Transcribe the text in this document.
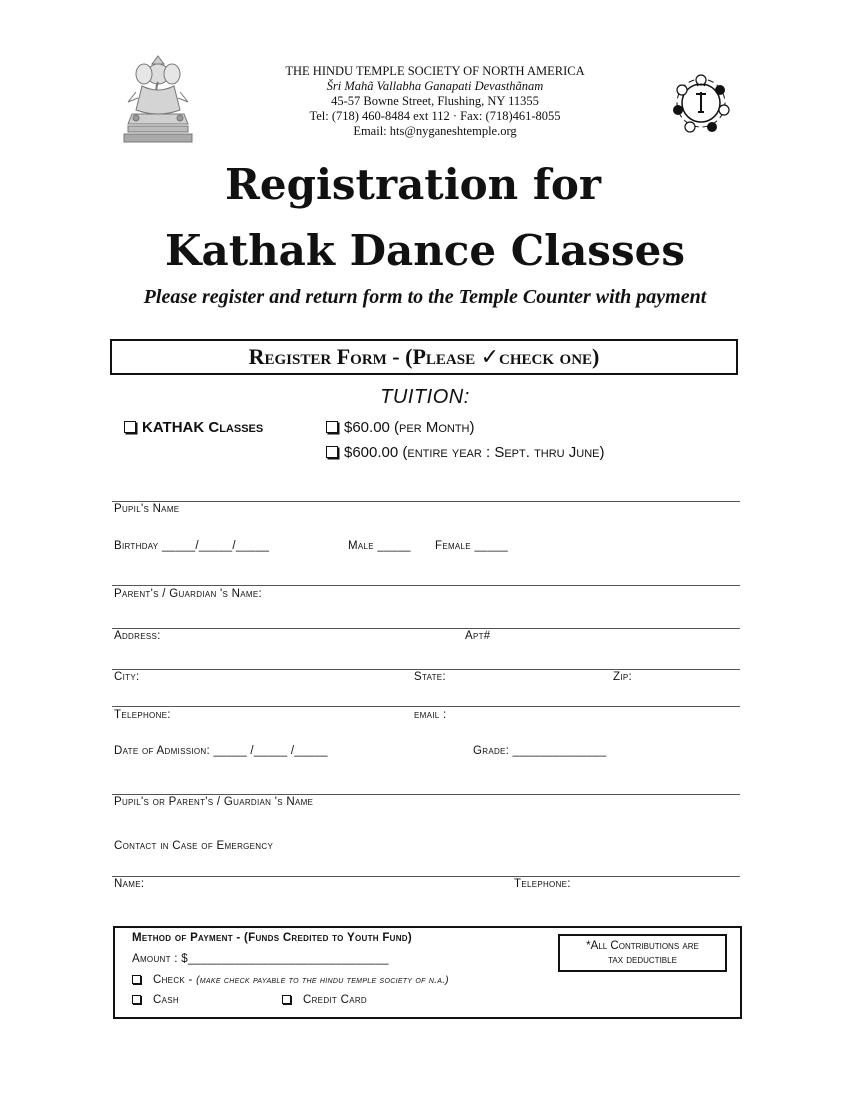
THE HINDU TEMPLE SOCIETY OF NORTH AMERICA
Šri Mahã Vallabha Ganapati Devasthãnam
45-57 Bowne Street, Flushing, NY 11355
Tel: (718) 460-8484 ext 112 · Fax: (718)461-8055
Email: hts@nyganeshtemple.org
Registration for
Kathak Dance Classes
Please register and return form to the Temple Counter with payment
Register Form - (Please ✓check one)
TUITION:
KATHAK Classes	$60.00 (per Month)
$600.00 (entire year : Sept. thru June)
Pupil's Name
Birthday _____/_____/_____	Male _____ Female _____
Parent's / Guardian 's Name:
Address:	Apt#
City:	State:	Zip:
Telephone:	email :
Date of Admission: _____ /_____ /_____	Grade: ______________
Pupil's or Parent's / Guardian 's Name
Contact in Case of Emergency
Name:	Telephone:
Method of Payment - (Funds Credited to Youth Fund)
Amount : $______________________________
Check - (make check payable to the hindu temple society of n.a.)
Cash	Credit Card
*All Contributions are
tax deductible
